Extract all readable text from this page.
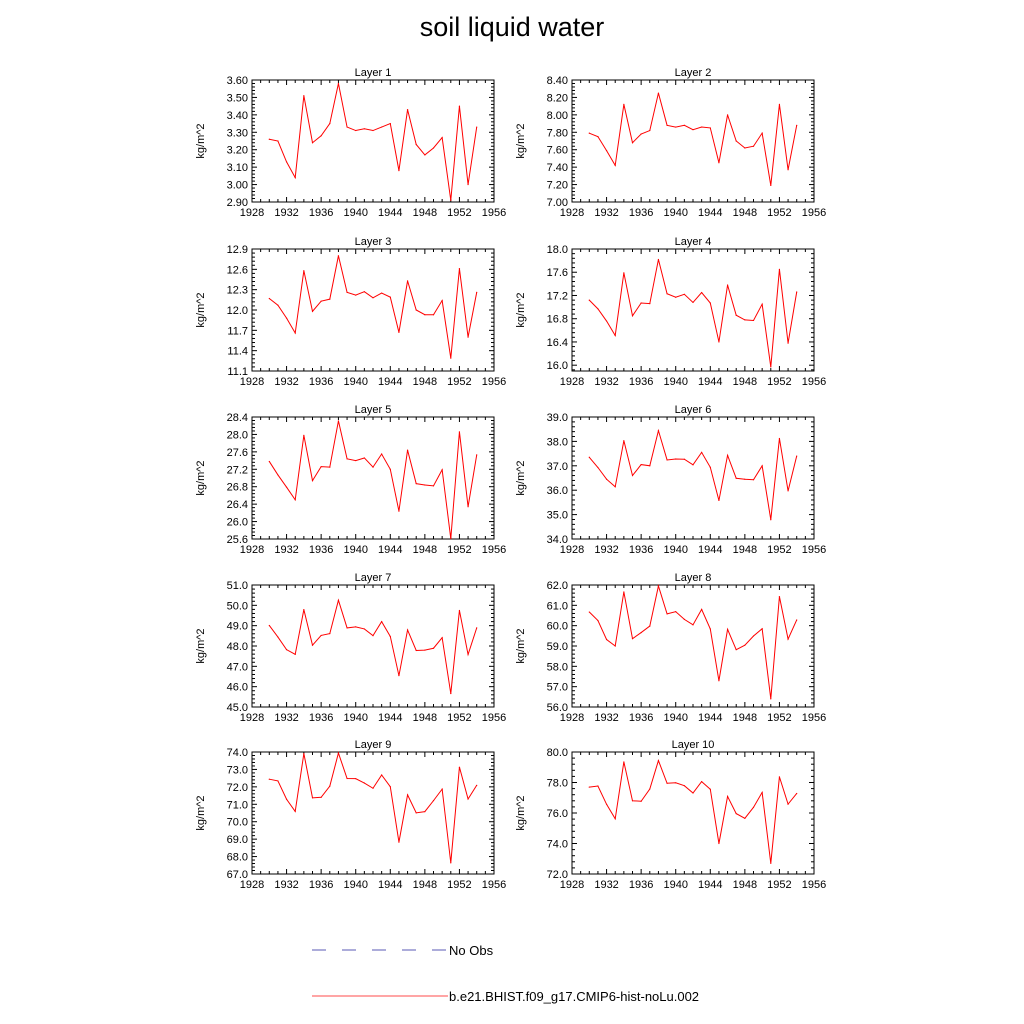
soil liquid water
Layer 1
kg/m^2
1928 1932 1936 1940 1944 1948 1952 1956
2.90
3.00
3.10
3.20
3.30
3.40
3.50
3.60
Layer 2
kg/m^2
1928 1932 1936 1940 1944 1948 1952 1956
7.00
7.20
7.40
7.60
7.80
8.00
8.20
8.40
Layer 3
kg/m^2
1928 1932 1936 1940 1944 1948 1952 1956
11.1
11.4
11.7
12.0
12.3
12.6
12.9
Layer 4
kg/m^2
1928 1932 1936 1940 1944 1948 1952 1956
16.0
16.4
16.8
17.2
17.6
18.0
Layer 5
kg/m^2
1928 1932 1936 1940 1944 1948 1952 1956
25.6
26.0
26.4
26.8
27.2
27.6
28.0
28.4
Layer 6
kg/m^2
1928 1932 1936 1940 1944 1948 1952 1956
34.0
35.0
36.0
37.0
38.0
39.0
Layer 7
kg/m^2
1928 1932 1936 1940 1944 1948 1952 1956
45.0
46.0
47.0
48.0
49.0
50.0
51.0
Layer 8
kg/m^2
1928 1932 1936 1940 1944 1948 1952 1956
56.0
57.0
58.0
59.0
60.0
61.0
62.0
Layer 9
kg/m^2
1928 1932 1936 1940 1944 1948 1952 1956
67.0
68.0
69.0
70.0
71.0
72.0
73.0
74.0
Layer 10
kg/m^2
1928 1932 1936 1940 1944 1948 1952 1956
72.0
74.0
76.0
78.0
80.0
No Obs
b.e21.BHIST.f09_g17.CMIP6-hist-noLu.002
